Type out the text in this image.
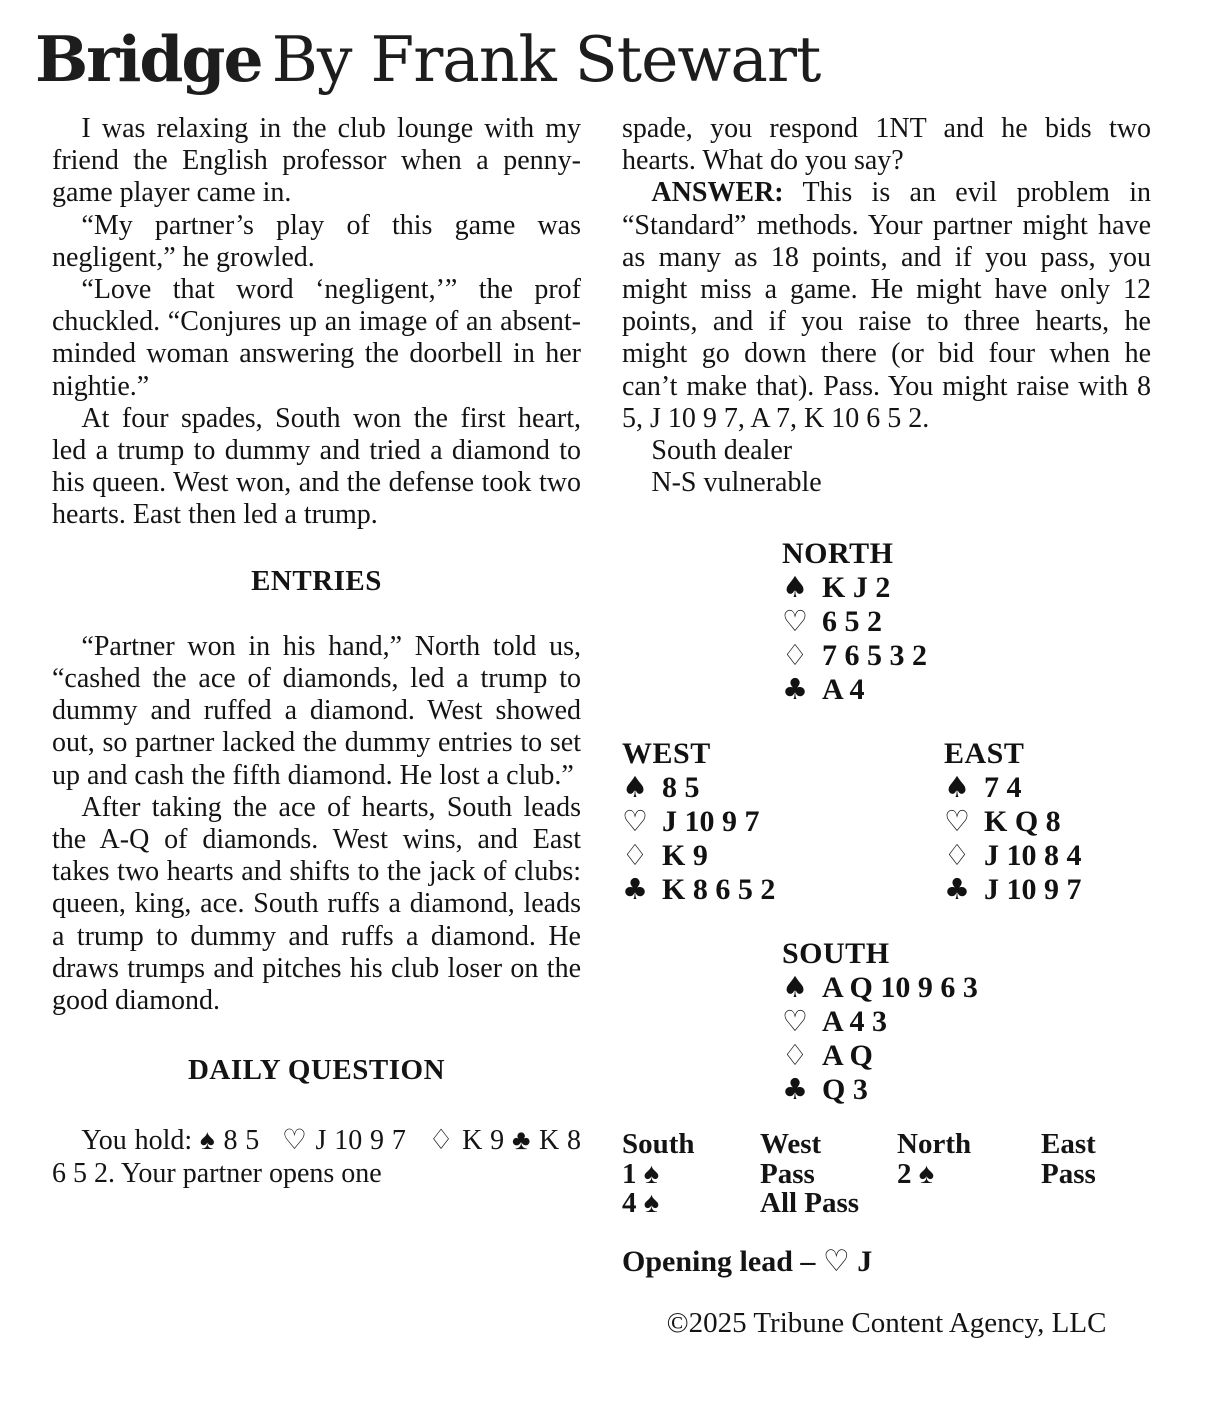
Bridge By Frank Stewart

I was relaxing in the club lounge with my friend the English professor when a penny-game player came in.

“My partner’s play of this game was negligent,” he growled.

“Love that word ‘negligent,’” the prof chuckled. “Conjures up an image of an absent-minded woman answering the doorbell in her nightie.”

At four spades, South won the first heart, led a trump to dummy and tried a diamond to his queen. West won, and the defense took two hearts. East then led a trump.

ENTRIES

“Partner won in his hand,” North told us, “cashed the ace of diamonds, led a trump to dummy and ruffed a diamond. West showed out, so partner lacked the dummy entries to set up and cash the fifth diamond. He lost a club.”

After taking the ace of hearts, South leads the A-Q of diamonds. West wins, and East takes two hearts and shifts to the jack of clubs: queen, king, ace. South ruffs a diamond, leads a trump to dummy and ruffs a diamond. He draws trumps and pitches his club loser on the good diamond.

DAILY QUESTION

You hold: ♠ 8 5  ♡ J 10 9 7  ♢ K 9 ♣ K 8 6 5 2. Your partner opens one

spade, you respond 1NT and he bids two hearts. What do you say?

ANSWER: This is an evil problem in “Standard” methods. Your partner might have as many as 18 points, and if you pass, you might miss a game. He might have only 12 points, and if you raise to three hearts, he might go down there (or bid four when he can’t make that). Pass. You might raise with 8 5, J 10 9 7, A 7, K 10 6 5 2.

South dealer

N-S vulnerable

NORTH
♠ K J 2
♡ 6 5 2
♢ 7 6 5 3 2
♣ A 4
WEST
♠ 8 5
♡ J 10 9 7
♢ K 9
♣ K 8 6 5 2
EAST
♠ 7 4
♡ K Q 8
♢ J 10 8 4
♣ J 10 9 7
SOUTH
♠ A Q 10 9 6 3
♡ A 4 3
♢ A Q
♣ Q 3
South	West	North	East
1 ♠	Pass	2 ♠	Pass
4 ♠	All Pass
Opening lead – ♡ J
©2025 Tribune Content Agency, LLC
